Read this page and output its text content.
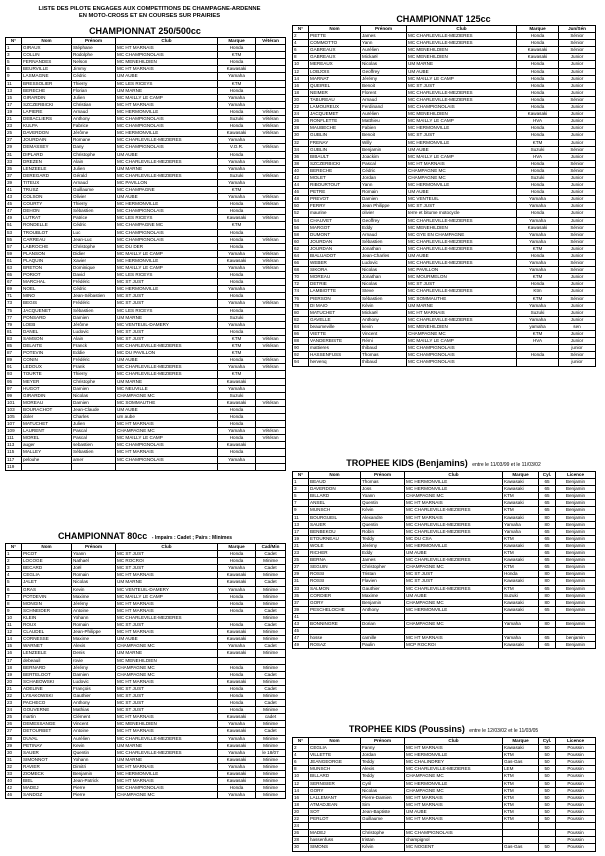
LISTE DES PILOTE ENGAGES AUX COMPETITIONS DE CHAMPAGNE-ARDENNE
EN MOTO-CROSS ET EN COURSES SUR PRAIRIES
CHAMPIONNAT 250/500cc
N°	Nom	Prénom	Club	Marque	Vétéran
1	GIRAUX	Stéphane	MC HT MARNAIS	Honda	
3	COLLIN	Rodolphe	MC CHAMPIGNOLAIS	KTM	
5	FERNANDES	Nelson	MC MENEHILDIEN	Honda	
6	BEURVILLE	Jimmy	MC HT MARNAIS	Kawasaki	
9	LASMAGNE	Cédric	UM AUBE	Yamaha	
11	BRESSOLIER	Thierry	MC LES RICEYS	KTM	
13	BERECHE	Florian	UM MARNE	Honda	
15	GIRARDIN	Julien	MC MAILLY LE CAMP	Yamaha	
17	SZCZERBICKI	Christian	MC HT MARNAIS	Yamaha	
19	LAPIERE	Arnaud	MC HERMONVILLE	Honda	Vétéran
21	DEBACLIERS	Anthony	MC CHAMPIGNOLAIS	Suzuki	Vétéran
23	KULPA	Fabrice	MC CHAMPIGNOLAIS	Honda	Vétéran
25	DAVERDON	Jérôme	MC HERMONVILLE	Kawasaki	Vétéran
27	JOURDAIN	Romane	MC CHARLEVILLE-MEZIERES	Yamaha	
29	DEMASSEY	Dany	MC CHAMPIGNOLAIS	V.O.R.	Vétéran
31	DIPLARD	Christophe	UM AUBE	Honda	
33	DREZEN	Alain	MC CHARLEVILLE-MEZIERES	Yamaha	Vétéran
35	LENZEELE	Julien	UM MARNE	Yamaha	
37	DEREGARD	Gérald	MC CHARLEVILLE-MEZIERES	Suzuki	Vétéran
39	TITEUX	Arnaud	MC PAVILLON	Yamaha	
41	TRUSZ	Guillaume	MC CHAMPAGNE	KTM	
43	COLSON	Olivier	UM AUBE	Yamaha	Vétéran
45	COURTY	Thierry	MC HERMONVILLE	Honda	Vétéran
47	DEHON	Sébastien	MC CHAMPIGNOLAIS	Honda	
49	LUTRAT	Patrice	MC LES RICEYS	Kawasaki	Vétéran
51	RONDELLE	Cédric	MC CHAMPAGNE MC	KTM	
53	TROUBLOT	Luc	MC CHAMPIGNOLAIS	Honda	
55	CARREAU	Jean-Luc	MC CHAMPIGNOLAIS	Honda	Vétéran
57	LABROCHE	Christophe	MC DU DER	Honda	
59	PLANSON	Didier	MC MAILLY LE CAMP	Yamaha	Vétéran
61	PLAQUIN	Xavier	MC HERMONVILLE	Kawasaki	Vétéran
63	BRETON	Dominique	MC MAILLY LE CAMP	Yamaha	Vétéran
65	PORIOT	David	MC LES RICEYS	Honda	
67	MARCHAL	Frédéric	MC ST JUST	Honda	
69	NOEL	Cédric	MC HERMONVILLE	Yamaha	
71	MINO	Jean-Sébastien	MC ST JUST	Honda	
73	BEGIS	Frédéric	MC ST JUST	Yamaha	Vétéran
75	JACQUENET	Sébastien	MC LES RICEYS	Honda	
77	PONSARD	Damien	UM MARNE	Suzuki	
79	LOEB	Jérôme	MC VENTEUIL-DAMERY	Yamaha	
81	DANEL	Ludovic	MC ST JUST	Honda	
83	SAMSON	Alain	MC ST JUST	KTM	Vétéran
85	DELAITE	Franck	MC CHARLEVILLE-MEZIERES	KTM	Vétéran
87	POTEVIN	Eddie	MC DU PAVILLON	KTM	
89	CONIN	Frédéric	UM AUBE	Honda	Vétéran
91	LEDOUX	Frank	MC CHARLEVILLE-MEZIERES	Yamaha	Vétéran
93	TOURTE	Thierry	MC CHARLEVILLE-MEZIERES	KTM	
95	MEYER	Christophe	UM MARNE	Kawasaki	
97	HUGOT	Damien	MC NEUVILLE	Yamaha	
99	GIRARDIN	Nicolas	CHAMPAGNE MC	Suzuki	
101	MOREAU	Damien	MC SOMMAUTHE	Kawasaki	Vétéran
103	BOURACHOT	Jean-Claude	UM AUBE	Honda	
105	doler	Charles	um aube	Honda	
107	MATUCHET	Julien	MC HT MARNAIS	Honda	
109	LAURENT	Pascal	CHAMPAGNE MC	Yamaha	Vétéran
111	MOREL	Pascal	MC MAILLY LE CAMP	Honda	Vétéran
113	auger	sebastien	MC CHAMPIGNOLAIS	Kawasaki	
115	MALLEY	Sébastien	MC HT MARNAIS	Honda	
117	pelouhe	amer	MC CHAMPIGNOLAIS	Yamaha	
119					
CHAMPIONNAT 80cc - Impairs : Cadet ; Pairs : Minimes
N°	Nom	Prénom	Club	Marque	Cad/Min
1	PICOT	Yoann	MC ST JUST	Honda	Cadet
2	LOCOGE	Nathaël	MC ROCROI	Honda	Minime
3	BECARD	Joël	MC ST JUST	Yamaha	Cadet
4	CEGLIA	Romain	MC HT MARNAIS	Kawasaki	Minime
5	JALET	Nicolas	UM MARNE	Kawasaki	Cadet
6	GRAS	Kevin	MC VENTEUIL-DAMERY	Yamaha	Minime
7	POTDEVIN	Maxime	MC MAILLY LE CAMP	Honda	Minime
8	MONGIN	Jérémy	MC HT MARNAIS	Honda	Minime
9	SCHNEIDER	Antoine	MC HT MARNAIS	Honda	Cadet
10	KLEIN	Yohann	MC CHARLEVILLE-MEZIERES		Minime
11	ROUX	Romain	MC ST JUST	Honda	Cadet
12	CLAUDEL	Jean-Philippe	MC HT MARNAIS	Kawasaki	Minime
14	CORNESSE	Maxime	UM AUBE	Kawasaki	Minime
15	WARNET	Alexis	CHAMPAGNE MC	Yamaha	Cadet
16	LENZEELE	Denis	UM MARNE	Kawasaki	Minime
17	debeauil	rovie	MC MENEHILDIEN		
18	BERNARD	Jérémy	CHAMPAGNE MC	Honda	Minime
19	BERTELOOT	Damien	CHAMPAGNE MC	Honda	Cadet
20	SCHABOWSKI	Ludovic	MC HT MARNAIS	Kawasaki	Minime
21	ADELINE	François	MC ST JUST	Honda	Cadet
22	LYSAKOWSKI	Gauthier	MC ST JUST	Honda	Minime
23	PACHECO	Anthony	MC ST JUST	Honda	Cadet
24	GOUVERNE	Mathias	MC ST JUST	Honda	Minime
25	martin	Clément	MC HT MARNAIS	Kawasaki	cadet
26	DEMESSANGE	Vincent	MC MENEHILDIEN	Yamaha	Minime
27	DETOURBET	Antoine	MC HT MARNAIS	Kawasaki	Cadet
28	DUVAL	Aurélien	MC CHARLEVILLE-MEZIERES	Yamaha	Minime
29	PETINAY	Kevin	UM MARNE	Kawasaki	Minime
30	SAUER	Quentin	MC CHARLEVILLE-MEZIERES	Yamaha	le 18/07
31	SIMONNOT	Yohann	UM MARNE	Kawasaki	Minime
32	RAVIER	Dimitri	MC HT MARNAIS	Yamaha	Minime
33	ZIOMECK	Benjamin	MC HERMONVILLE	Kawasaki	Minime
40	BIEL	Jean-Patrick	MC HT MARNAIS	Kawasaki	Minime
42	MADEJ	Pierre	MC CHAMPIGNOLAIS	Honda	Minime
46	SANDOZ	Pierre	CHAMPAGNE MC	Yamaha	Minime
CHAMPIONNAT 125cc
N°	Nom	Prénom	Club	Marque	Jun/Sén
2	PIETTE	James	MC CHARLEVILLE-MEZIERES	Honda	Sénior
4	COMMOTTO	Yann	MC CHARLEVILLE-MEZIERES	Honda	Sénior
6	GABREAUX	Aurélien	MC MENEHILDIEN	Kawasaki	Sénior
8	GABREAUX	Mickaël	MC MENEHILDIEN	Kawasaki	Junior
10	MEREAUX	Nicolas	UM MARNE	Honda	Junior
12	LOBJOIS	Geoffrey	UM AUBE	Honda	Junior
14	MARNAT	Jérémy	MC MAILLY LE CAMP	Honda	Junior
16	QUEIREL	Benoit	MC ST JUST	Honda	Junior
18	NEIMER	Florent	MC CHARLEVILLE-MEZIERES	Honda	Junior
20	TABUREAU	Arnaud	MC CHARLEVILLE-MEZIERES	Honda	Sénior
22	LAMOUREUX	Ferdinand	MC CHAMPIGNOLAIS	Honda	Junior
24	JACQUEMET	Aurélien	MC MENEHILDIEN	Kawasaki	Junior
26	RONFLETTE	Matthieu	MC MAILLY LE CAMP	HVA	Junior
28	MAUBECHE	Fabien	MC HERMONVILLE	Honda	Junior
30	GUBLIN	Benoit	MC ST JUST	Honda	Junior
32	FRENAY	Willy	MC HERMONVILLE	KTM	Junior
34	GUBLIN	Benjamin	UM AUBE	Suzuki	Sénior
36	BIBAULT	Joackim	MC MAILLY LE CAMP	HVA	Junior
38	SZCZERBICKI	Pascal	MC HT MARNAIS	Honda	Sénior
40	BERECHE	Cédric	CHAMPAGNE MC	Honda	Sénior
42	MOLET	Jordan	CHAMPAGNE MC	Suzuki	Junior
44	RIBOURTOUT	Yann	MC HERMONVILLE	Honda	Junior
46	PETRE	Romain	UM AUBE	Honda	Junior
48	PREVOT	Damien	MC VENTEUIL	Yamaha	Junior
50	FERRY	Jean Philippe	MC ST JUST	Yamaha	Junior
52	maurine	olivier	terre et bitume motocycle	Honda	Junior
54	CHAUVET	Geoffrey	MC CHARLEVILLE-MEZIERES	Yamaha	Junior
56	MARGOT	Eddy	MC MENEHILDIEN	Kawasaki	Sénior
58	DUMONT	Arnaud	MC GYE EN CHAMPAGNE	Yamaha	Sénior
60	JOURDAN	Sébastien	MC CHARLEVILLE-MEZIERES	Yamaha	Sénior
62	JOURDAN	Jonathan	MC CHARLEVILLE-MEZIERES	KTM	Junior
64	BIALUADOT	Jean-Charles	UM AUBE	Honda	Junior
66	WEBER	Ludovic	MC CHARLEVILLE-MEZIERES	Yamaha	Sénior
68	SIKORA	Nicolas	MC PAVILLON	Yamaha	Sénior
70	MOREAU	Jonathan	MC MOURMELON	KTM	Junior
72	DETRIE	Nicolas	MC ST JUST	Honda	Junior
74	LAMBIOTTE	Steve	MC CHARLEVILLE-MEZIERES	Ktm	Junior
76	PIERSON	Sébastien	MC SOMMAUTHE	KTM	Sénior
78	DI MAIO	Kévin	UM MARNE	Yamaha	Junior
80	MATUCHET	Mickaël	MC HT MARNAIS	Suzuki	Junior
82	GAVELLE	Anthony	MC CHARLEVILLE-MEZIERES	Yamaha	Junior
84	beaumeville	kevin	MC MENEHILDIEN	yamaha	sen
86	VIETTE	Vincent	CHAMPAGNE MC	KTM	Junior
88	VANDERBISTE	Rémi	MC MAILLY LE CAMP	HVA	Junior
90	mattieres	thibaud	MC CHAMPIGNOLAIS		junior
92	HASSENFUSS	Thomas	MC CHAMPIGNOLAIS	Honda	Sénior
94	hervenq	thibaud	MC CHAMPIGNOLAIS		junior
TROPHEE KIDS (Benjamins) entre le 11/03/99 et le 11/03/02
N°	Nom	Prénom	Club	Marque	Cyl.	Licence
1	BEAUD	Thomas	MC HERMONVILLE	Kawasaki	65	Benjamin
3	DAVERDON	Joss	MC HERMONVILLE	Kawasaki	65	Benjamin
5	BILLARD	Yoann	CHAMPAGNE MC	KTM	65	Benjamin
7	ANSEL	Quentin	MC HT MARNAIS	Kawasaki	65	Benjamin
9	MUNSCH	Kévin	MC CHARLEVILLE-MEZIERES	KTM	65	Benjamin
11	BOURGUEIL	Alexandre	MC HT MARNAIS	Kawasaki	80	Benjamin
13	SAUER	Quentin	MC CHARLEVILLE-MEZIERES	Yamaha	80	Benjamin
17	BENBEKOU	Robin	MC CHARLEVILLE-MEZIERES	Yamaha	65	Benjamin
19	ETOURNEAU	Teddy	MC DU CSA	KTM	65	Benjamin
21	WOLE	Jérémy	MC HERMONVILLE	Kawasaki	65	Benjamin
23	RICHER	Eddy	UM AUBE	KTM	65	Benjamin
25	BERNA	James	MC CHARLEVILLE-MEZIERES	Kawasaki	65	Benjamin
27	SEGUIN	Christopher	CHAMPAGNE MC	KTM	65	Benjamin
29	ROSSI	Tristan	MC ST JUST	Honda	80	Benjamin
31	ROSSI	Flavien	MC ST JUST	Kawasaki	80	Benjamin
33	SALMON	Gauthier	MC CHARLEVILLE-MEZIERES	KTM	65	Benjamin
35	CORDIER	Maxime	UM AUBE	Suzuki	80	Benjamin
37	GORY	Benjamin	CHAMPAGNE MC	Kawasaki	80	Benjamin
39	PESCHELOCHE	Anthony	MC HERMONVILLE	Kawasaki	65	Benjamin
41						
43	BONNINGRE	Dorian	CHAMPAGNE MC	Yamaha	80	Benjamin
45						
47	hosse	camille	MC HT MARNAIS	Yamaha	65	benjamin
49	ROSAZ	Paulin	MCP ROCROI	Kawasaki	65	Benjamin
TROPHEE KIDS (Poussins) entre le 12/03/02 et le 11/03/05
N°	Nom	Prénom	Club	Marque	Cyl.	Licence
2	CEGLIA	Fanny	MC HT MARNAIS	Kawasaki	50	Poussin
4	VILLETTE	Jordan	MC HERMONVILLE	KTM	50	Poussin
6	JEANGEORGE	Teddy	MC CHALINDREY	Gas-Gas	50	Poussin
8	MUNSCH	Alexis	MC CHARLEVILLE-MEZIERES	LEM	50	Poussin
10	BILLARD	Teddy	CHAMPAGNE MC	KTM	50	Poussin
12	SERNISIER	Cyril	MC HERMONVILLE	KTM	50	Poussin
14	GORY	Nicolas	CHAMPAGNE MC	KTM	50	Poussin
16	LALLEMANT	Pierre-Damien	MC HT MARNAIS	KTM	50	Poussin
18	ATMADJEAN	Sim	MC HT MARNAIS	KTM	50	Poussin
20	SOT	Jean-Baptiste	UM AUBE	KTM	50	Poussin
22	PERLOT	Guillaume	MC HT MARNAIS	KTM	50	Poussin
24						
26	MADEJ	Christophe	MC CHAMPIGNOLAIS			Poussin
28	hassenfuss	tristan	champignol			Poussin
30	SIMONS	Kévin	MC NOGENT	Gas-Gas	50	Poussin
